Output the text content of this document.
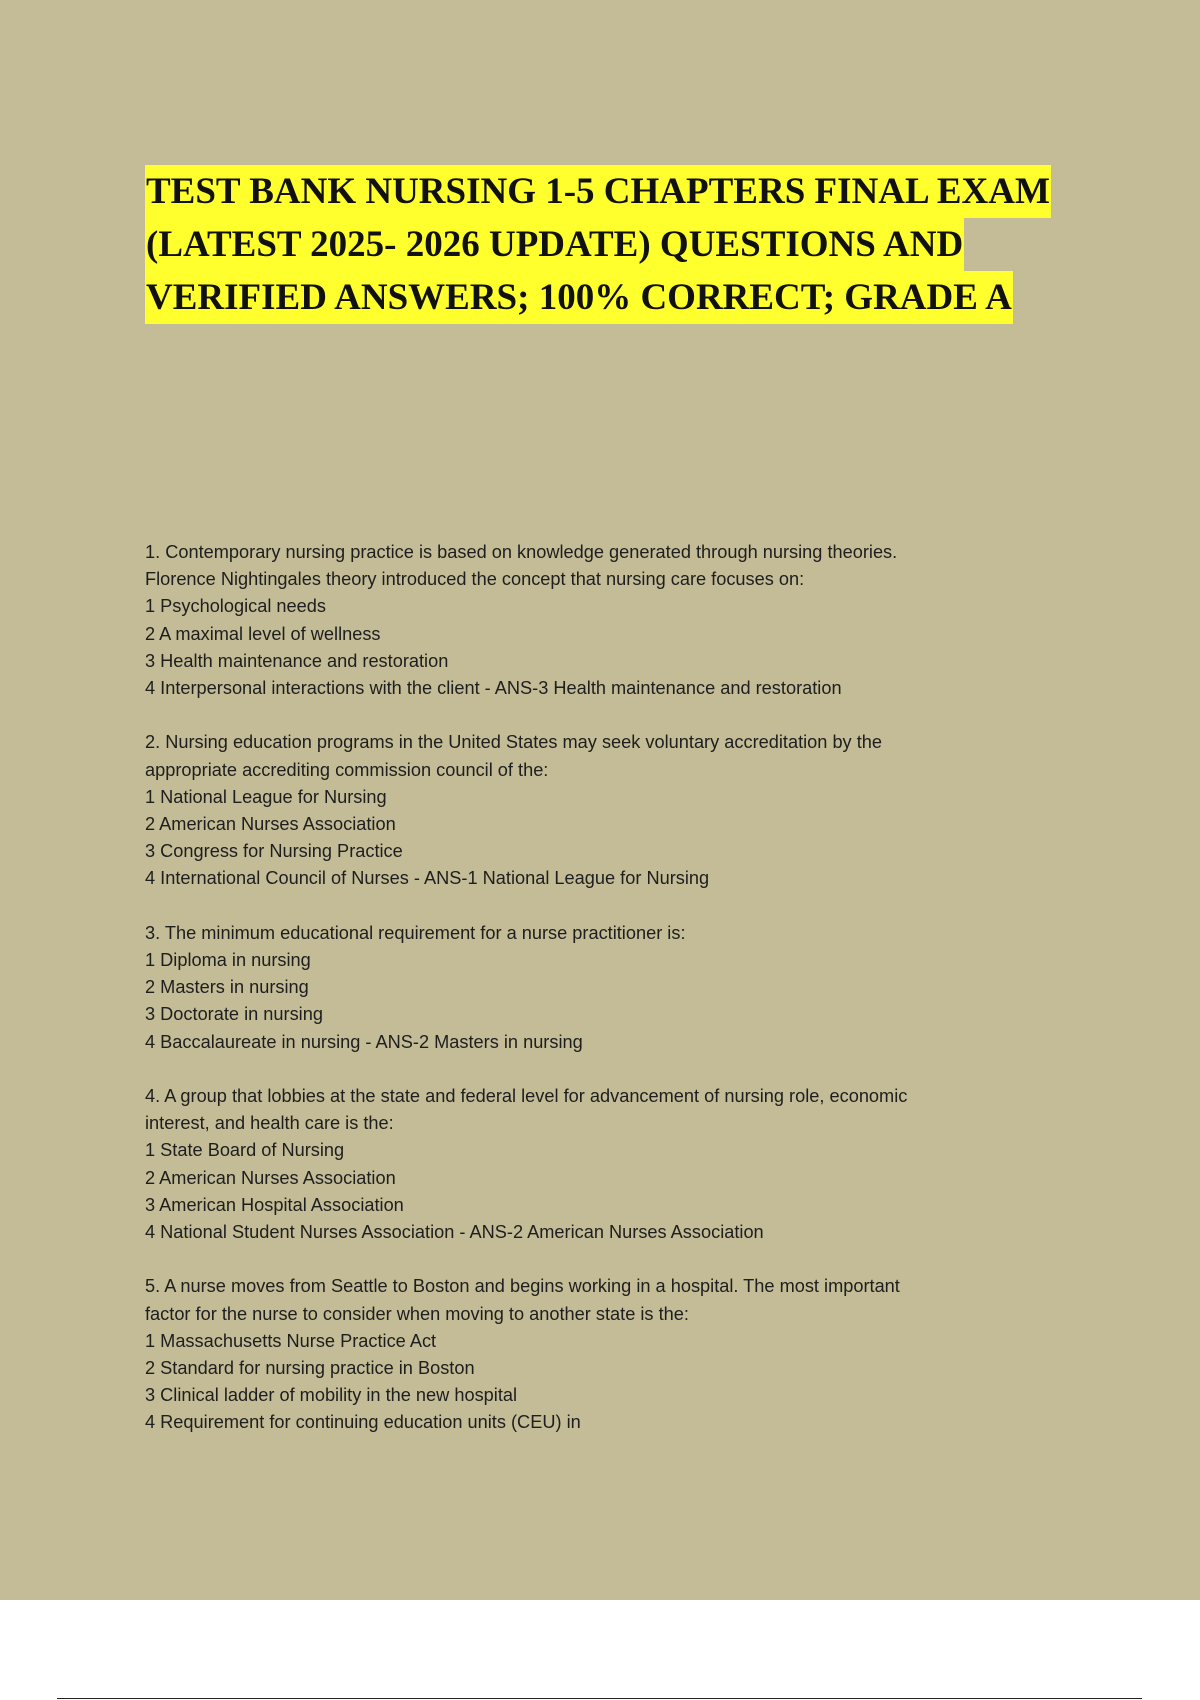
TEST BANK NURSING 1-5 CHAPTERS FINAL EXAM
(LATEST 2025- 2026 UPDATE) QUESTIONS AND
VERIFIED ANSWERS; 100% CORRECT; GRADE A
1. Contemporary nursing practice is based on knowledge generated through nursing theories.
Florence Nightingales theory introduced the concept that nursing care focuses on:
1 Psychological needs
2 A maximal level of wellness
3 Health maintenance and restoration
4 Interpersonal interactions with the client - ANS-3 Health maintenance and restoration
2. Nursing education programs in the United States may seek voluntary accreditation by the
appropriate accrediting commission council of the:
1 National League for Nursing
2 American Nurses Association
3 Congress for Nursing Practice
4 International Council of Nurses - ANS-1 National League for Nursing
3. The minimum educational requirement for a nurse practitioner is:
1 Diploma in nursing
2 Masters in nursing
3 Doctorate in nursing
4 Baccalaureate in nursing - ANS-2 Masters in nursing
4. A group that lobbies at the state and federal level for advancement of nursing role, economic
interest, and health care is the:
1 State Board of Nursing
2 American Nurses Association
3 American Hospital Association
4 National Student Nurses Association - ANS-2 American Nurses Association
5. A nurse moves from Seattle to Boston and begins working in a hospital. The most important
factor for the nurse to consider when moving to another state is the:
1 Massachusetts Nurse Practice Act
2 Standard for nursing practice in Boston
3 Clinical ladder of mobility in the new hospital
4 Requirement for continuing education units (CEU) in
